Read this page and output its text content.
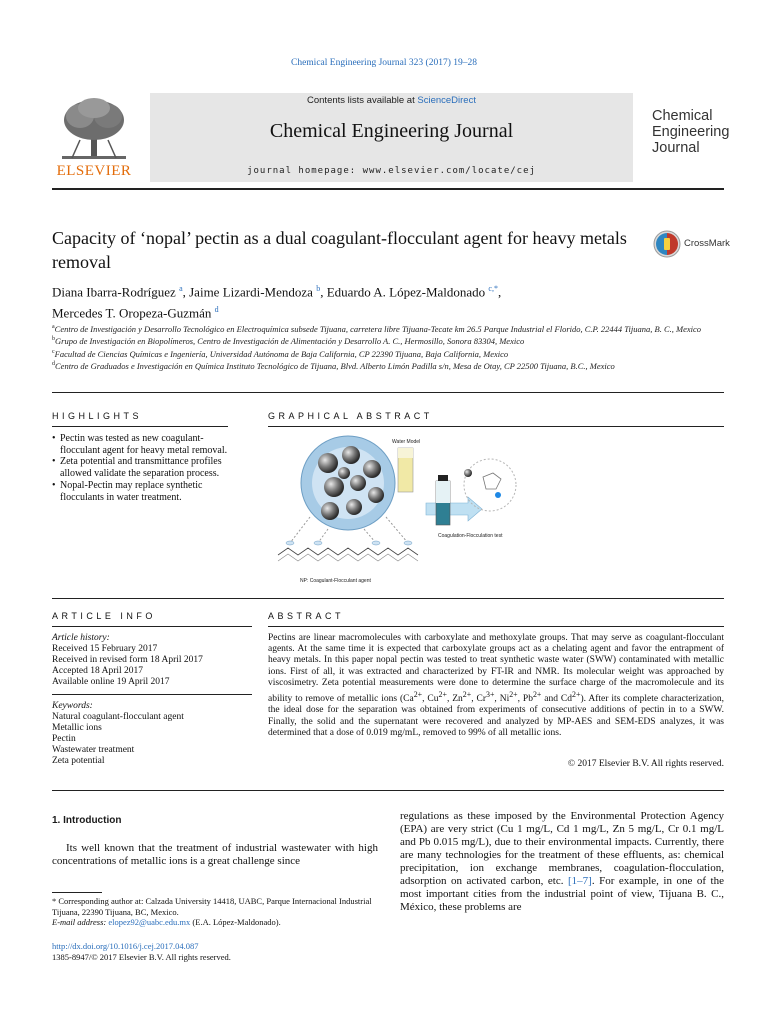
Chemical Engineering Journal 323 (2017) 19–28
ELSEVIER
Contents lists available at ScienceDirect
Chemical Engineering Journal
journal homepage: www.elsevier.com/locate/cej
Chemical
Engineering
Journal
Capacity of ‘nopal’ pectin as a dual coagulant-flocculant agent for heavy metals removal
CrossMark
Diana Ibarra-Rodríguez $^a$, Jaime Lizardi-Mendoza $^b$, Eduardo A. López-Maldonado $^{c,*}$,
Mercedes T. Oropeza-Guzmán $^d$
$^a$Centro de Investigación y Desarrollo Tecnológico en Electroquímica subsede Tijuana, carretera libre Tijuana-Tecate km 26.5 Parque Industrial el Florido, C.P. 22444 Tijuana, B. C., Mexico
$^b$Grupo de Investigación en Biopolímeros, Centro de Investigación de Alimentación y Desarrollo A. C., Hermosillo, Sonora 83304, Mexico
$^c$Facultad de Ciencias Químicas e Ingeniería, Universidad Autónoma de Baja California, CP 22390 Tijuana, Baja California, Mexico
$^d$Centro de Graduados e Investigación en Química Instituto Tecnológico de Tijuana, Blvd. Alberto Limón Padilla s/n, Mesa de Otay, CP 22500 Tijuana, B.C., Mexico
HIGHLIGHTS
• Pectin was tested as new coagulant-flocculant agent for heavy metal removal.
• Zeta potential and transmittance profiles allowed validate the separation process.
• Nopal-Pectin may replace synthetic flocculants in water treatment.
GRAPHICAL ABSTRACT
Water Model
Coagulation-Flocculation test
NP: Coagulant-Flocculant agent
ARTICLE INFO
Article history:
Received 15 February 2017
Received in revised form 18 April 2017
Accepted 18 April 2017
Available online 19 April 2017
Keywords:
Natural coagulant-flocculant agent
Metallic ions
Pectin
Wastewater treatment
Zeta potential
ABSTRACT
Pectins are linear macromolecules with carboxylate and methoxylate groups. That may serve as coagulant-flocculant agents. At the same time it is expected that carboxylate groups act as a chelating agent and favor the entrapment of heavy metals. In this paper nopal pectin was tested to treat synthetic waste water (SWW) contaminated with metallic ions. First of all, it was extracted and characterized by FT-IR and NMR. Its molecular weight was approached by viscosimetry. Zeta potential measurements were done to determine the surface charge of the macromolecule and its ability to remove of metallic ions ($Ca^{2+}$, $Cu^{2+}$, $Zn^{2+}$, $Cr^{3+}$, $Ni^{2+}$, $Pb^{2+}$ and $Cd^{2+}$). After its complete characterization, the ideal dose for the separation was obtained from experiments of consecutive additions of pectin in to a SWW. Finally, the solid and the supernatant were recovered and analyzed by MP-AES and SEM-EDS analyzes, it was determined that a dose of 0.019 mg/mL, removed to 99% of all metallic ions.
© 2017 Elsevier B.V. All rights reserved.
1. Introduction
Its well known that the treatment of industrial wastewater with high concentrations of metallic ions is a great challenge since
regulations as these imposed by the Environmental Protection Agency (EPA) are very strict (Cu 1 mg/L, Cd 1 mg/L, Zn 5 mg/L, Cr 0.1 mg/L and Pb 0.015 mg/L), due to their environmental impacts. Currently, there are many technologies for the treatment of these effluents, as: chemical precipitation, ion exchange membranes, coagulation-flocculation, adsorption on activated carbon, etc. [1–7]. For example, in one of the most important cities from the industrial point of view, Tijuana B. C., México, these problems are
* Corresponding author at: Calzada University 14418, UABC, Parque Internacional Industrial Tijuana, 22390 Tijuana, BC, Mexico.
E-mail address: elopez92@uabc.edu.mx (E.A. López-Maldonado).
http://dx.doi.org/10.1016/j.cej.2017.04.087
1385-8947/© 2017 Elsevier B.V. All rights reserved.
